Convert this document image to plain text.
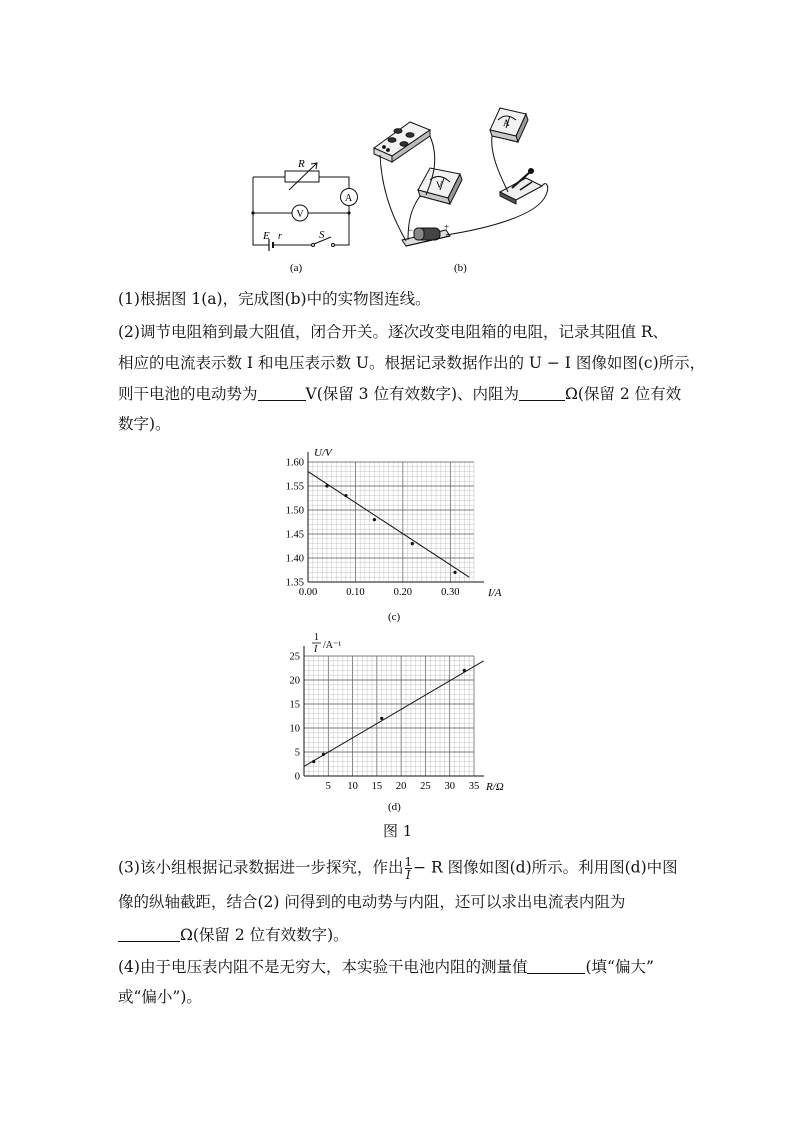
R
V
A
E r	S
(a)
V
A
+
−
(b)
(1)根据图 1(a)，完成图(b)中的实物图连线。
(2)调节电阻箱到最大阻值，闭合开关。逐次改变电阻箱的电阻，记录其阻值 R、
相应的电流表示数 I 和电压表示数 U。根据记录数据作出的 U − I 图像如图(c)所示，
则干电池的电动势为	V(保留 3 位有效数字)、内阻为	Ω(保留 2 位有效
数字)。
0.00	0.10	0.20	0.30
1.35
1.40
1.45
1.50
1.55
1.60
U/V
I/A
(c)
5 10 15 20 25 30 35
0
5
10
15
20
25
1
I /A⁻¹
R/Ω
(d)
图 1
(3)该小组根据记录数据进一步探究，作出 $\frac{1}{I} - R$ 图像如图(d)所示。利用图(d)中图
像的纵轴截距，结合(2) 问得到的电动势与内阻，还可以求出电流表内阻为
Ω(保留 2 位有效数字)。
(4)由于电压表内阻不是无穷大，本实验干电池内阻的测量值	(填“偏大”
或“偏小”)。
